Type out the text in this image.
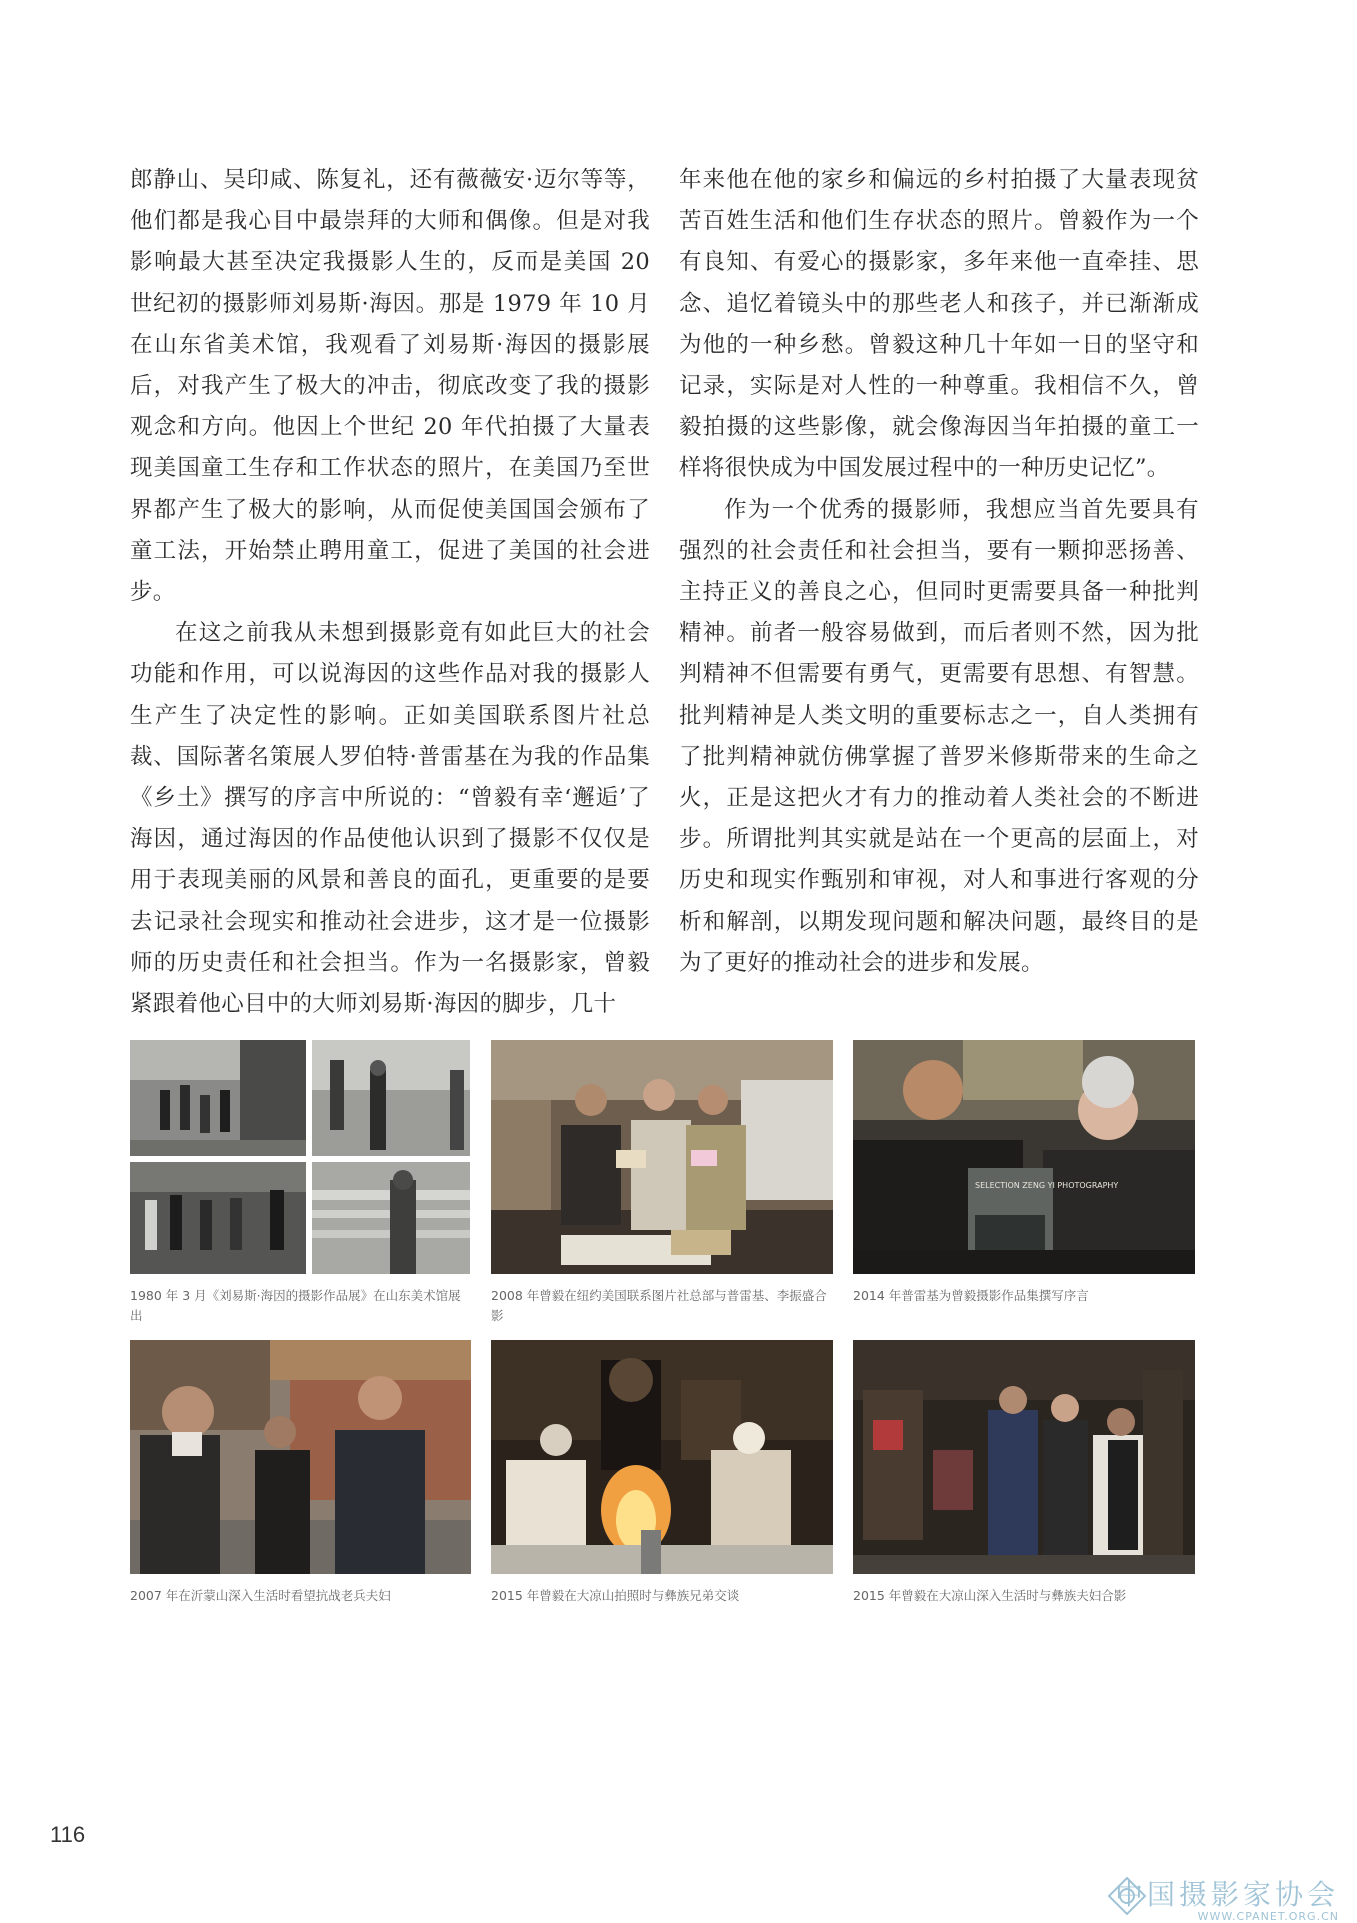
郎静山、吴印咸、陈复礼，还有薇薇安·迈尔等等，他们都是我心目中最崇拜的大师和偶像。但是对我影响最大甚至决定我摄影人生的，反而是美国 20 世纪初的摄影师刘易斯·海因。那是 1979 年 10 月在山东省美术馆，我观看了刘易斯·海因的摄影展后，对我产生了极大的冲击，彻底改变了我的摄影观念和方向。他因上个世纪 20 年代拍摄了大量表现美国童工生存和工作状态的照片，在美国乃至世界都产生了极大的影响，从而促使美国国会颁布了童工法，开始禁止聘用童工，促进了美国的社会进步。

在这之前我从未想到摄影竟有如此巨大的社会功能和作用，可以说海因的这些作品对我的摄影人生产生了决定性的影响。正如美国联系图片社总裁、国际著名策展人罗伯特·普雷基在为我的作品集《乡土》撰写的序言中所说的：“曾毅有幸‘邂逅’了海因，通过海因的作品使他认识到了摄影不仅仅是用于表现美丽的风景和善良的面孔，更重要的是要去记录社会现实和推动社会进步，这才是一位摄影师的历史责任和社会担当。作为一名摄影家，曾毅紧跟着他心目中的大师刘易斯·海因的脚步，几十

年来他在他的家乡和偏远的乡村拍摄了大量表现贫苦百姓生活和他们生存状态的照片。曾毅作为一个有良知、有爱心的摄影家，多年来他一直牵挂、思念、追忆着镜头中的那些老人和孩子，并已渐渐成为他的一种乡愁。曾毅这种几十年如一日的坚守和记录，实际是对人性的一种尊重。我相信不久，曾毅拍摄的这些影像，就会像海因当年拍摄的童工一样将很快成为中国发展过程中的一种历史记忆”。

作为一个优秀的摄影师，我想应当首先要具有强烈的社会责任和社会担当，要有一颗抑恶扬善、主持正义的善良之心，但同时更需要具备一种批判精神。前者一般容易做到，而后者则不然，因为批判精神不但需要有勇气，更需要有思想、有智慧。批判精神是人类文明的重要标志之一，自人类拥有了批判精神就仿佛掌握了普罗米修斯带来的生命之火，正是这把火才有力的推动着人类社会的不断进步。所谓批判其实就是站在一个更高的层面上，对历史和现实作甄别和审视，对人和事进行客观的分析和解剖，以期发现问题和解决问题，最终目的是为了更好的推动社会的进步和发展。

1980 年 3 月《刘易斯·海因的摄影作品展》在山东美术馆展出
2008 年曾毅在纽约美国联系图片社总部与普雷基、李振盛合影
SELECTION ZENG YI PHOTOGRAPHY
2014 年普雷基为曾毅摄影作品集撰写序言
2007 年在沂蒙山深入生活时看望抗战老兵夫妇	2015 年曾毅在大凉山拍照时与彝族兄弟交谈	2015 年曾毅在大凉山深入生活时与彝族夫妇合影
116
中国摄影家协会
WWW.CPANET.ORG.CN
